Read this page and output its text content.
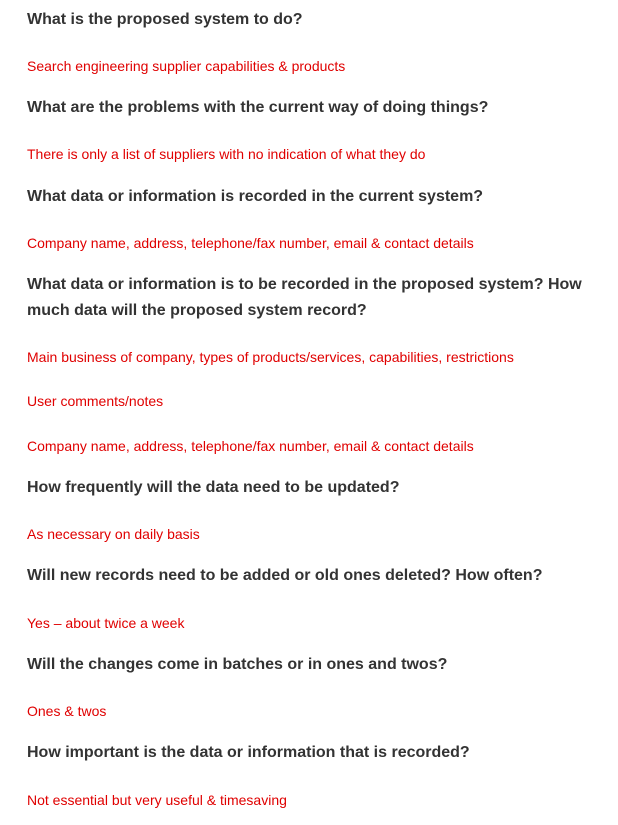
What is the proposed system to do?

Search engineering supplier capabilities & products

What are the problems with the current way of doing things?

There is only a list of suppliers with no indication of what they do

What data or information is recorded in the current system?

Company name, address, telephone/fax number, email & contact details

What data or information is to be recorded in the proposed system? How much data will the proposed system record?

Main business of company, types of products/services, capabilities, restrictions

User comments/notes

Company name, address, telephone/fax number, email & contact details

How frequently will the data need to be updated?

As necessary on daily basis

Will new records need to be added or old ones deleted? How often?

Yes – about twice a week

Will the changes come in batches or in ones and twos?

Ones & twos

How important is the data or information that is recorded?

Not essential but very useful & timesaving
